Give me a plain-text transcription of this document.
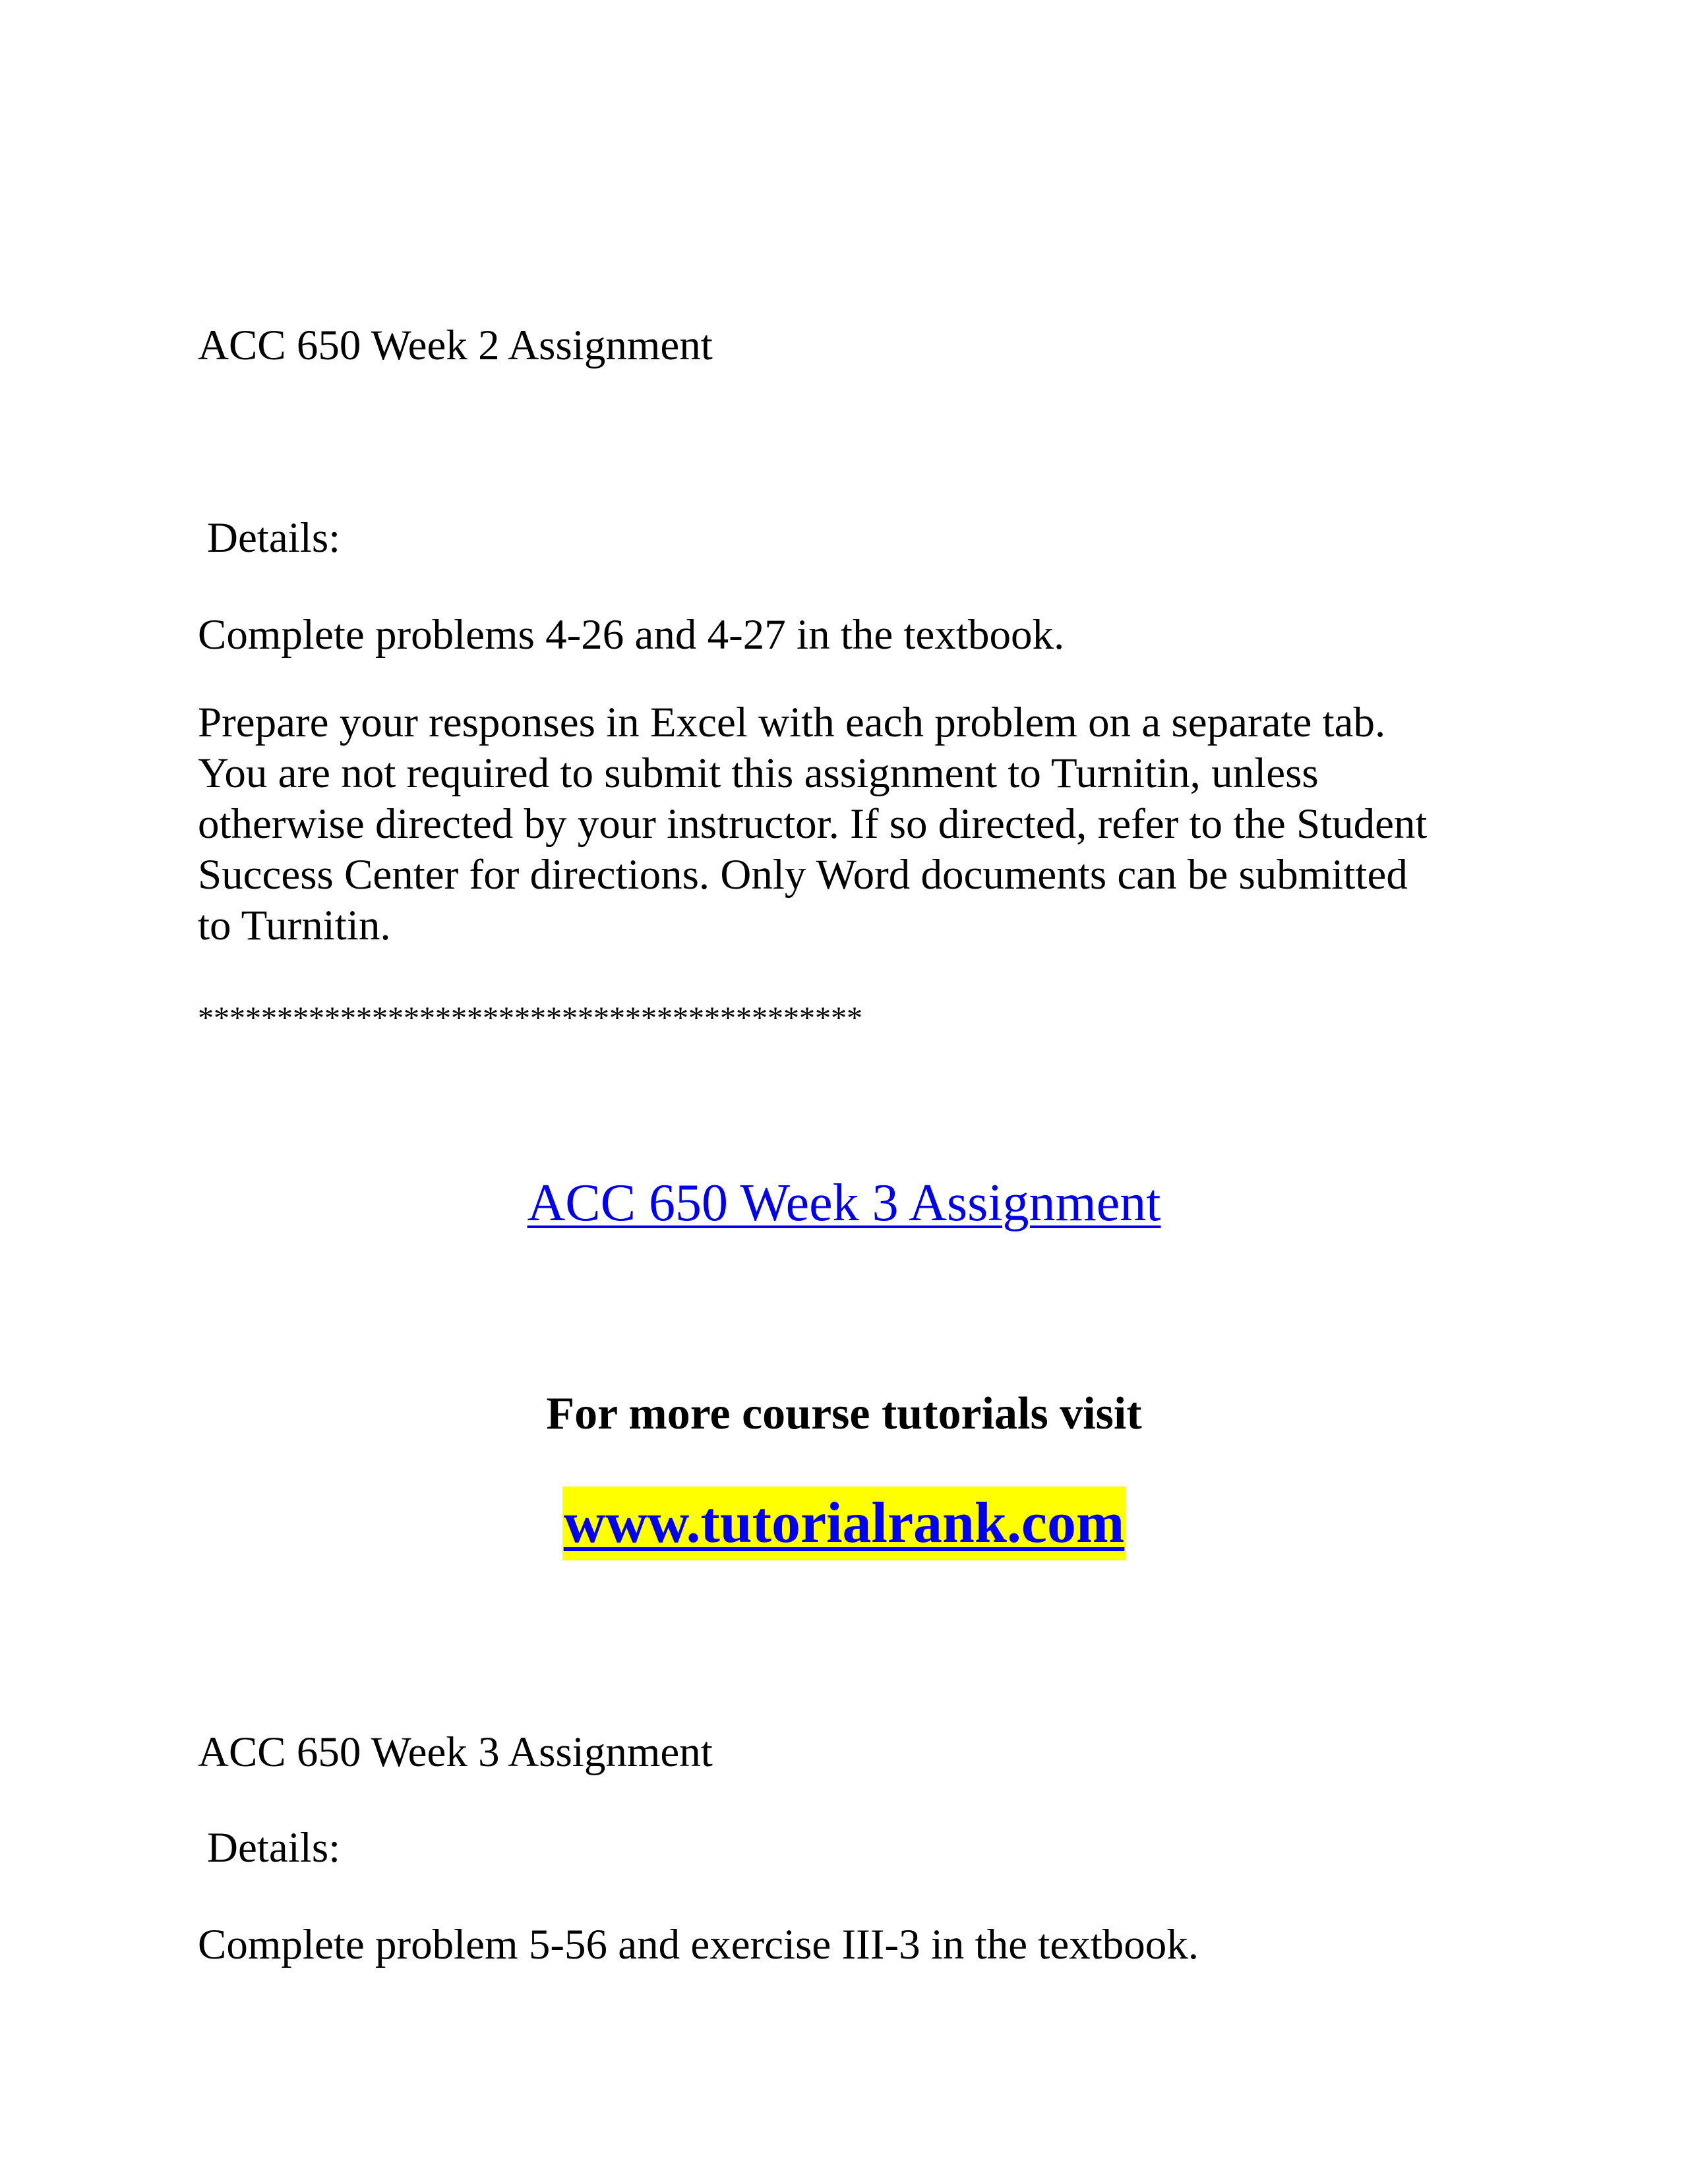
ACC 650 Week 2 Assignment

Details:

Complete problems 4-26 and 4-27 in the textbook.

Prepare your responses in Excel with each problem on a separate tab.
You are not required to submit this assignment to Turnitin, unless
otherwise directed by your instructor. If so directed, refer to the Student
Success Center for directions. Only Word documents can be submitted
to Turnitin.

******************************************

ACC 650 Week 3 Assignment

For more course tutorials visit

www.tutorialrank.com

ACC 650 Week 3 Assignment

Details:

Complete problem 5-56 and exercise III-3 in the textbook.
